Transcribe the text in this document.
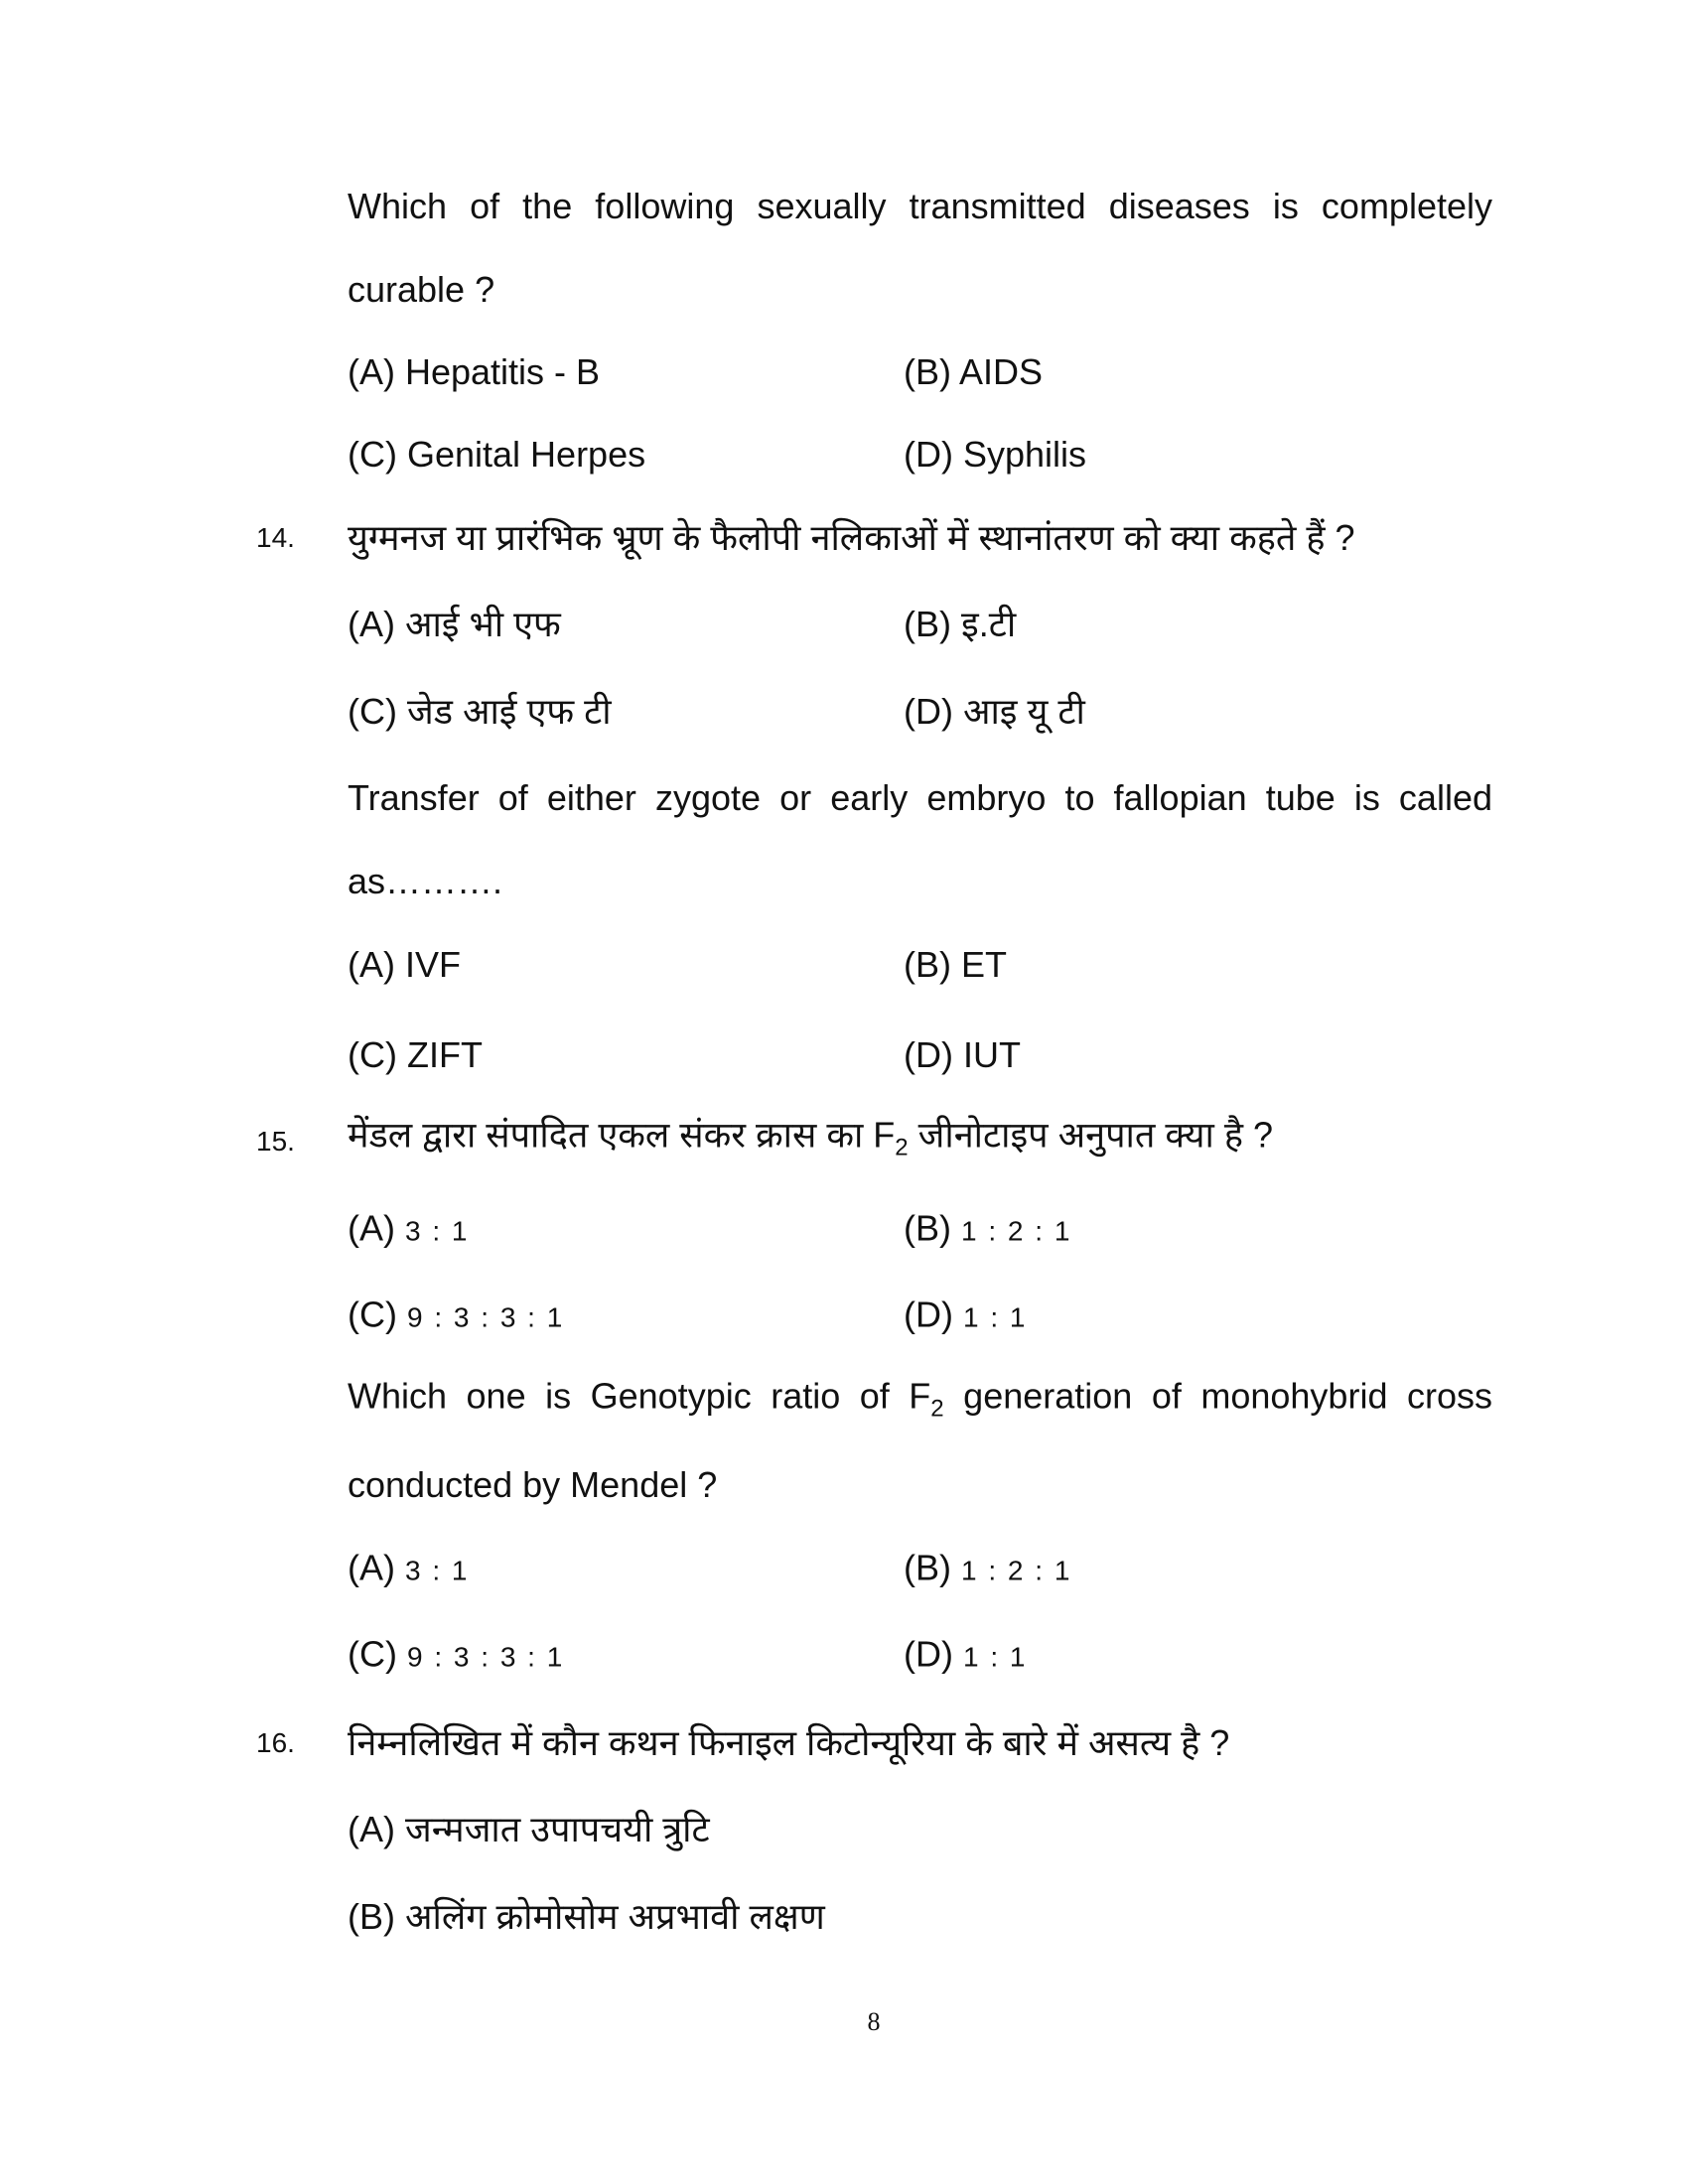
Which of the following sexually transmitted diseases is completely
curable ?
(A) Hepatitis - B	(B) AIDS
(C) Genital Herpes	(D) Syphilis
14. युग्मनज या प्रारंभिक भ्रूण के फैलोपी नलिकाओं में स्थानांतरण को क्या कहते हैं ?
(A) आई भी एफ	(B) इ.टी
(C) जेड आई एफ टी	(D) आइ यू टी
Transfer of either zygote or early embryo to fallopian tube is called
as……….
(A) IVF	(B) ET
(C) ZIFT	(D) IUT
15. मेंडल द्वारा संपादित एकल संकर क्रास का $F_2$ जीनोटाइप अनुपात क्या है ?
(A) 3 : 1	(B) 1 : 2 : 1
(C) 9 : 3 : 3 : 1	(D) 1 : 1
Which one is Genotypic ratio of $F_2$ generation of monohybrid cross
conducted by Mendel ?
(A) 3 : 1	(B) 1 : 2 : 1
(C) 9 : 3 : 3 : 1	(D) 1 : 1
16. निम्नलिखित में कौन कथन फिनाइल किटोन्यूरिया के बारे में असत्य है ?
(A) जन्मजात उपापचयी त्रुटि
(B) अलिंग क्रोमोसोम अप्रभावी लक्षण
8
